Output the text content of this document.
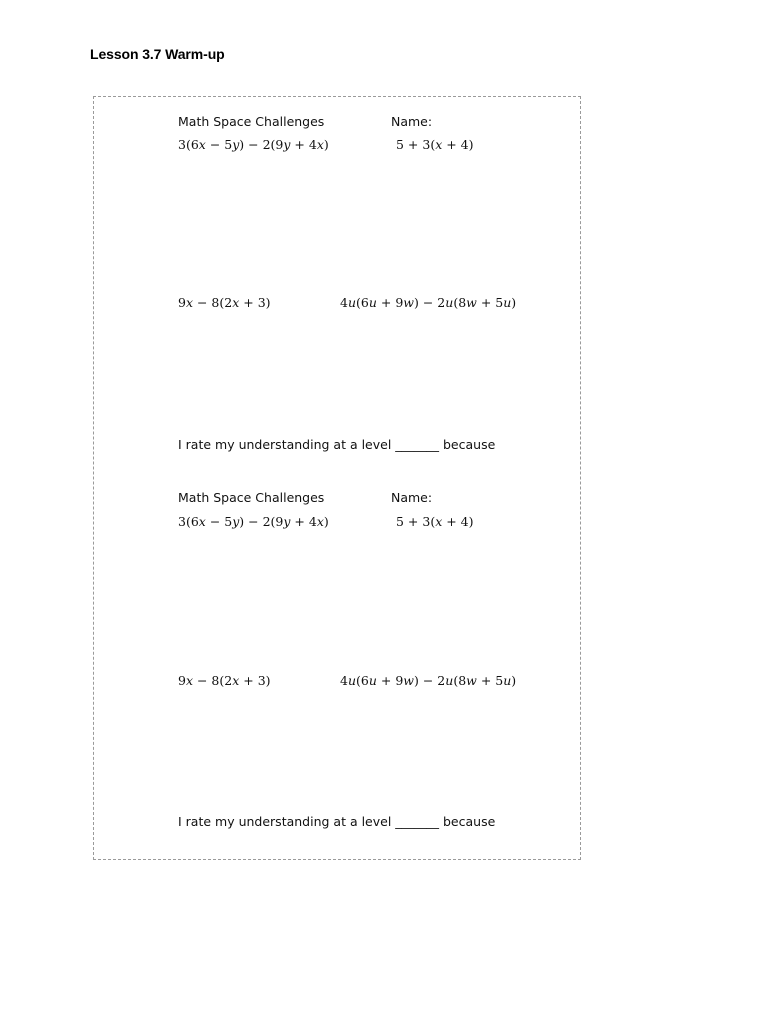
Lesson 3.7 Warm-up
Math Space Challenges	Name:
3(6x − 5y) − 2(9y + 4x)	5 + 3(x + 4)
9x − 8(2x + 3)	4u(6u + 9w) − 2u(8w + 5u)
I rate my understanding at a level _______ because
Math Space Challenges	Name:
3(6x − 5y) − 2(9y + 4x)	5 + 3(x + 4)
9x − 8(2x + 3)	4u(6u + 9w) − 2u(8w + 5u)
I rate my understanding at a level _______ because
